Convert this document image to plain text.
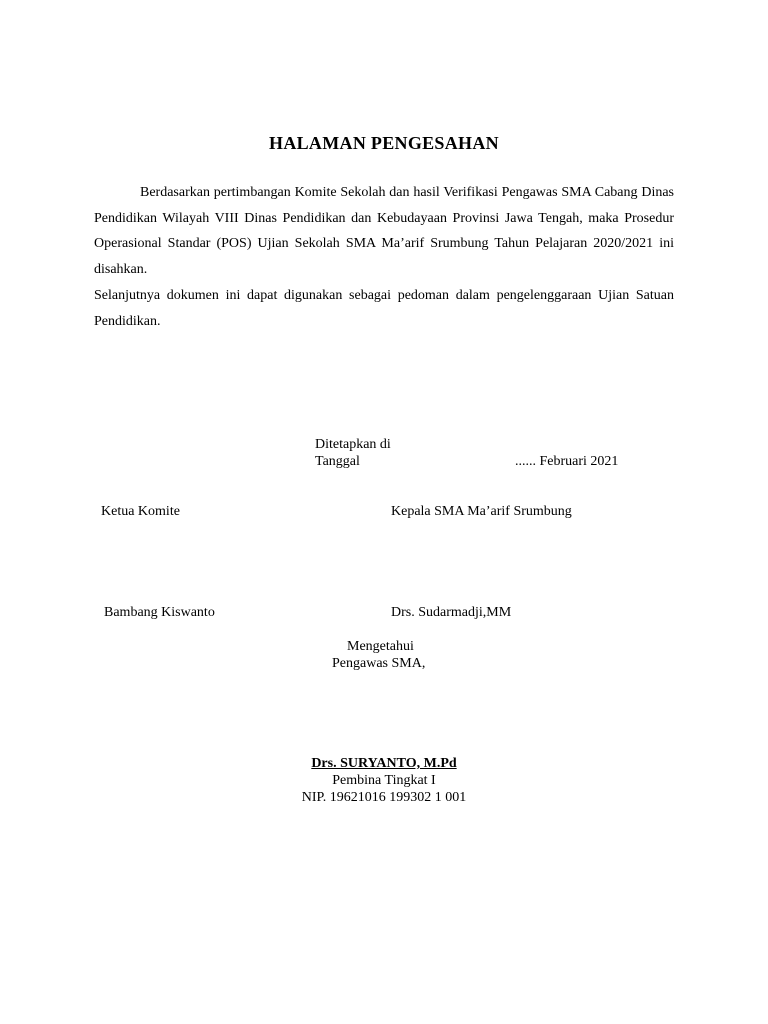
HALAMAN PENGESAHAN

Berdasarkan pertimbangan Komite Sekolah dan hasil Verifikasi Pengawas SMA Cabang Dinas Pendidikan Wilayah VIII Dinas Pendidikan dan Kebudayaan Provinsi Jawa Tengah, maka Prosedur Operasional Standar (POS) Ujian Sekolah SMA Ma’arif Srumbung Tahun Pelajaran 2020/2021 ini disahkan.

Selanjutnya dokumen ini dapat digunakan sebagai pedoman dalam pengelenggaraan Ujian Satuan Pendidikan.

Ditetapkan di
Tanggal	...... Februari 2021
Ketua Komite	Kepala SMA Ma’arif Srumbung
Bambang Kiswanto	Drs. Sudarmadji,MM
Mengetahui
Pengawas SMA,
Drs. SURYANTO, M.Pd
Pembina Tingkat I
NIP. 19621016 199302 1 001
